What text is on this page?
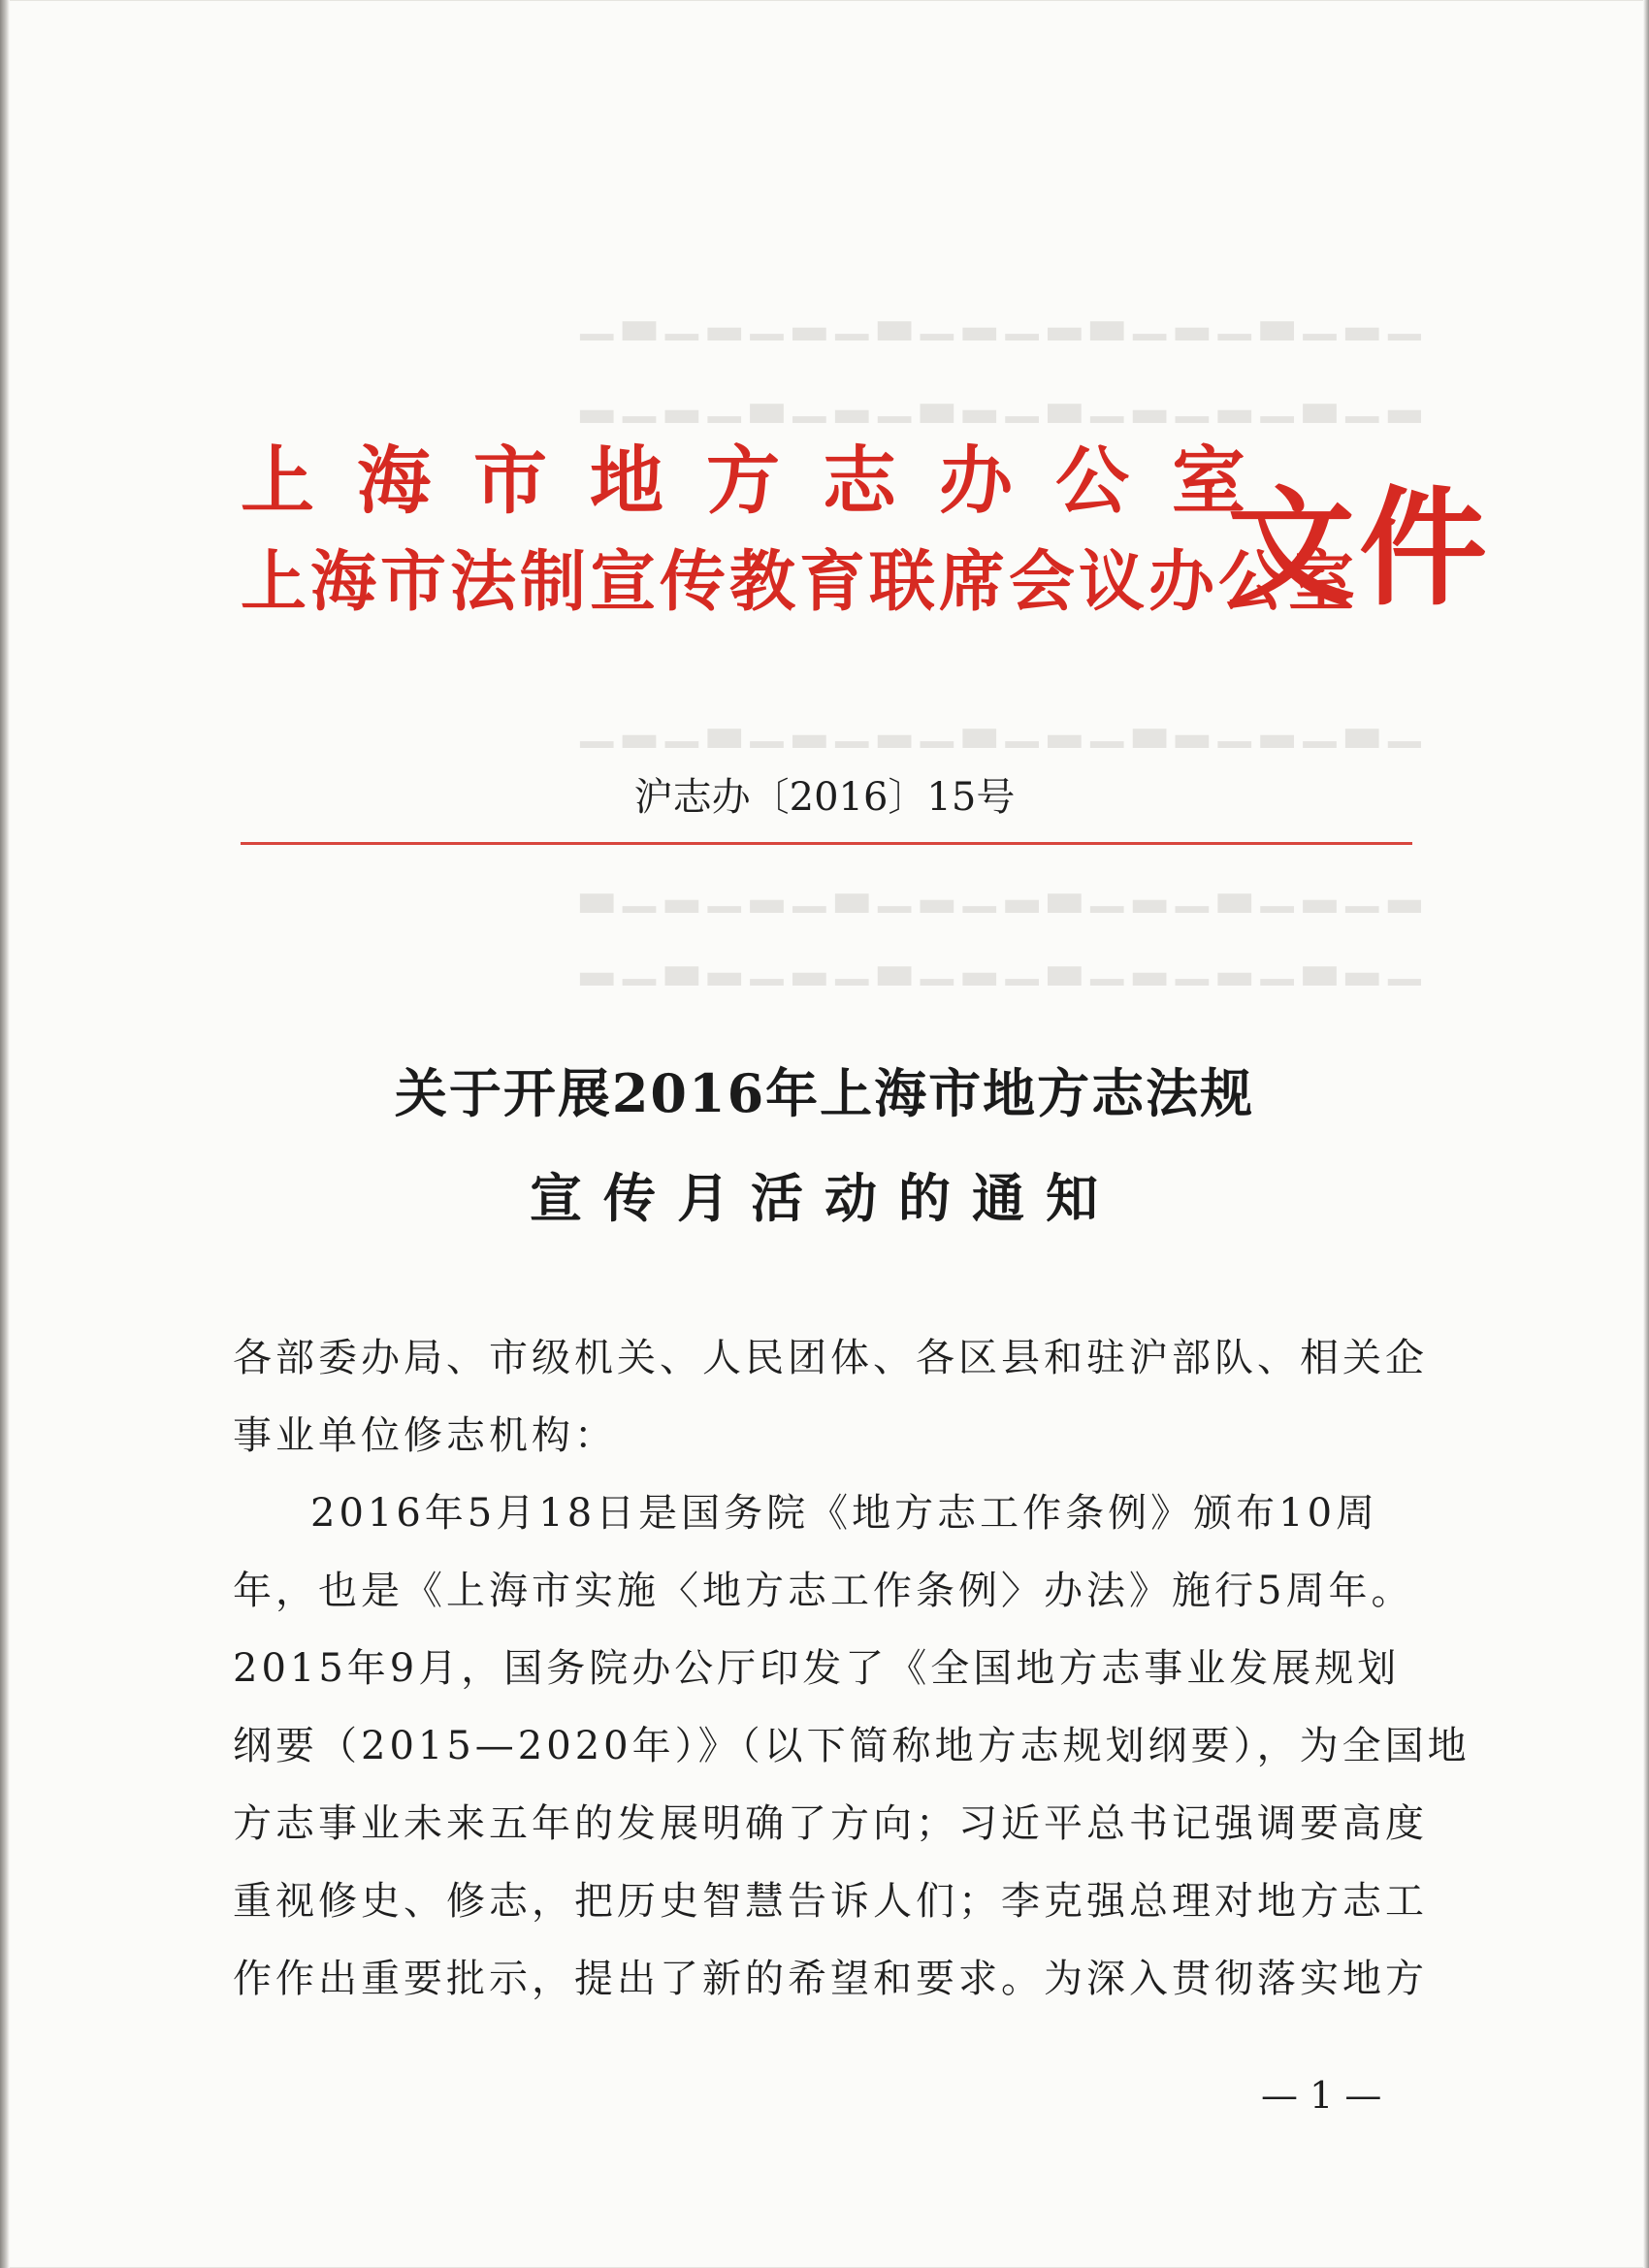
▁▂▁▃▁▂▁▃▂▁▂▁▃▁▂▁▂▁▃▁
▂▁▃▁▂▁▂▁▃▁▂▃▁▂▁▃▁▂▁▂
▁▃▁▂▁▂▃▁▂▁▃▁▂▁▂▁▃▁▂▁
▂▁▂▁▃▁▂▁▃▂▁▂▁▃▁▂▁▂▁▃
▁▂▃▁▂▁▂▁▃▁▂▁▃▁▂▁▂▃▁▂
上海市地方志办公室
上海市法制宣传教育联席会议办公室
文件
沪志办〔2016〕15号
关于开展2016年上海市地方志法规
宣传月活动的通知
各部委办局、市级机关、人民团体、各区县和驻沪部队、相关企
事业单位修志机构：
2016年5月18日是国务院《地方志工作条例》颁布10周
年，也是《上海市实施〈地方志工作条例〉办法》施行5周年。
2015年9月，国务院办公厅印发了《全国地方志事业发展规划
纲要（2015—2020年）》（以下简称地方志规划纲要），为全国地
方志事业未来五年的发展明确了方向；习近平总书记强调要高度
重视修史、修志，把历史智慧告诉人们；李克强总理对地方志工
作作出重要批示，提出了新的希望和要求。为深入贯彻落实地方
— 1 —
